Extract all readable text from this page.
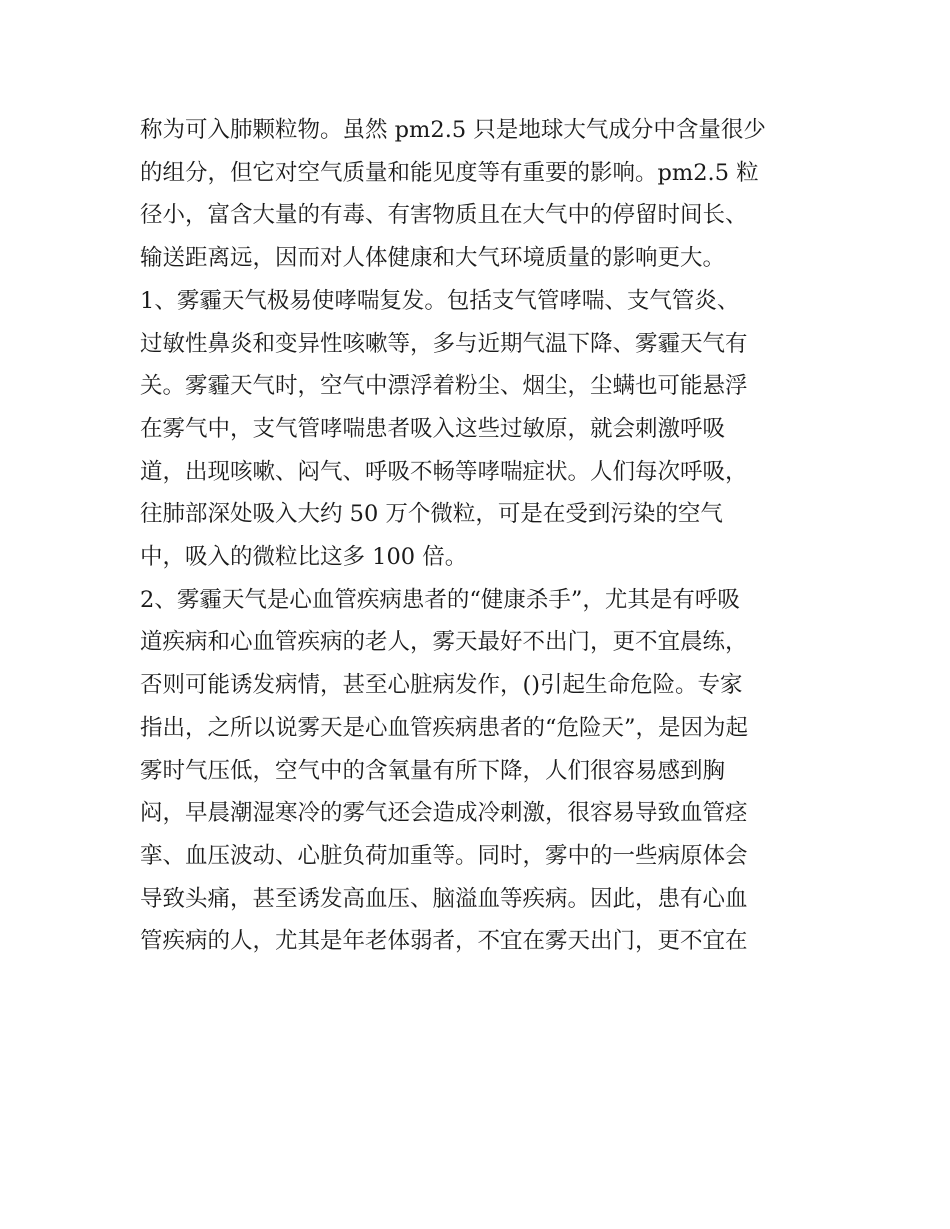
称为可入肺颗粒物。虽然 pm2.5 只是地球大气成分中含量很少
的组分，但它对空气质量和能见度等有重要的影响。pm2.5 粒
径小，富含大量的有毒、有害物质且在大气中的停留时间长、
输送距离远，因而对人体健康和大气环境质量的影响更大。
1、雾霾天气极易使哮喘复发。包括支气管哮喘、支气管炎、
过敏性鼻炎和变异性咳嗽等，多与近期气温下降、雾霾天气有
关。雾霾天气时，空气中漂浮着粉尘、烟尘，尘螨也可能悬浮
在雾气中，支气管哮喘患者吸入这些过敏原，就会刺激呼吸
道，出现咳嗽、闷气、呼吸不畅等哮喘症状。人们每次呼吸，
往肺部深处吸入大约 50 万个微粒，可是在受到污染的空气
中，吸入的微粒比这多 100 倍。
2、雾霾天气是心血管疾病患者的“健康杀手”，尤其是有呼吸
道疾病和心血管疾病的老人，雾天最好不出门，更不宜晨练，
否则可能诱发病情，甚至心脏病发作，()引起生命危险。专家
指出，之所以说雾天是心血管疾病患者的“危险天”，是因为起
雾时气压低，空气中的含氧量有所下降，人们很容易感到胸
闷，早晨潮湿寒冷的雾气还会造成冷刺激，很容易导致血管痉
挛、血压波动、心脏负荷加重等。同时，雾中的一些病原体会
导致头痛，甚至诱发高血压、脑溢血等疾病。因此，患有心血
管疾病的人，尤其是年老体弱者，不宜在雾天出门，更不宜在
